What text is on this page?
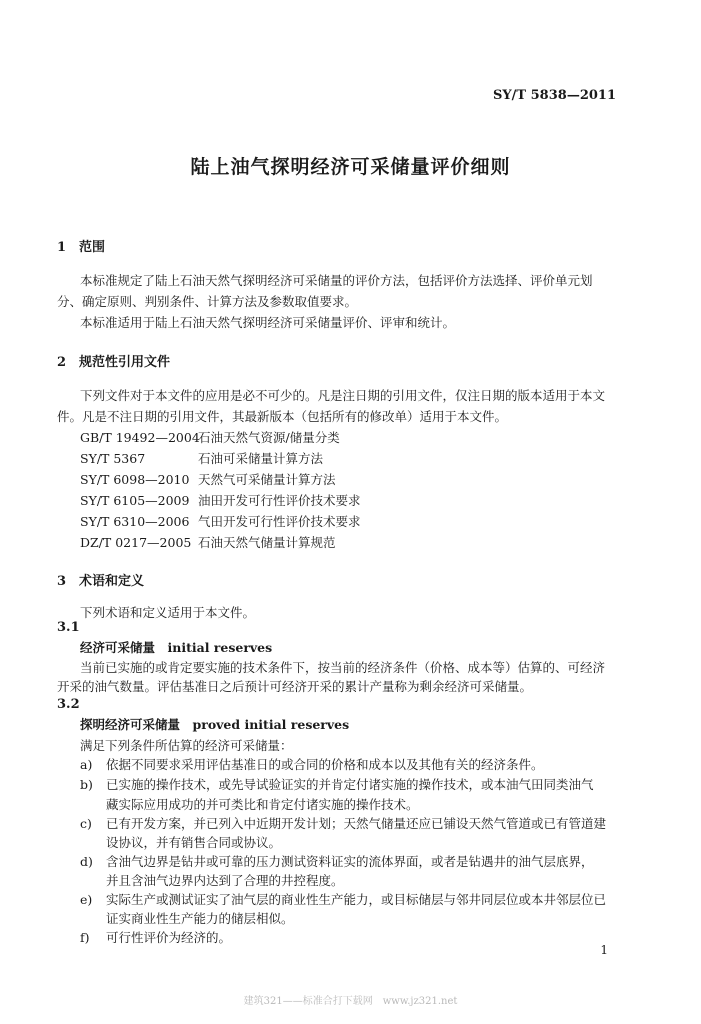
SY/T 5838—2011
陆上油气探明经济可采储量评价细则
1　范围
本标准规定了陆上石油天然气探明经济可采储量的评价方法，包括评价方法选择、评价单元划
分、确定原则、判别条件、计算方法及参数取值要求。
本标准适用于陆上石油天然气探明经济可采储量评价、评审和统计。
2　规范性引用文件
下列文件对于本文件的应用是必不可少的。凡是注日期的引用文件，仅注日期的版本适用于本文
件。凡是不注日期的引用文件，其最新版本（包括所有的修改单）适用于本文件。
GB/T 19492—2004石油天然气资源/储量分类
SY/T 5367	石油可采储量计算方法
SY/T 6098—2010 天然气可采储量计算方法
SY/T 6105—2009 油田开发可行性评价技术要求
SY/T 6310—2006 气田开发可行性评价技术要求
DZ/T 0217—2005 石油天然气储量计算规范
3　术语和定义
下列术语和定义适用于本文件。
3.1
经济可采储量　initial reserves
当前已实施的或肯定要实施的技术条件下，按当前的经济条件（价格、成本等）估算的、可经济
开采的油气数量。评估基准日之后预计可经济开采的累计产量称为剩余经济可采储量。
3.2
探明经济可采储量　proved initial reserves
满足下列条件所估算的经济可采储量：
a) 依据不同要求采用评估基准日的或合同的价格和成本以及其他有关的经济条件。
b) 已实施的操作技术，或先导试验证实的并肯定付诸实施的操作技术，或本油气田同类油气
藏实际应用成功的并可类比和肯定付诸实施的操作技术。
c) 已有开发方案，并已列入中近期开发计划；天然气储量还应已铺设天然气管道或已有管道建
设协议，并有销售合同或协议。
d) 含油气边界是钻井或可靠的压力测试资料证实的流体界面，或者是钻遇井的油气层底界，
并且含油气边界内达到了合理的井控程度。
e) 实际生产或测试证实了油气层的商业性生产能力，或目标储层与邻井同层位或本井邻层位已
证实商业性生产能力的储层相似。
f) 可行性评价为经济的。
1
建筑321——标准合打下载网　www.jz321.net
